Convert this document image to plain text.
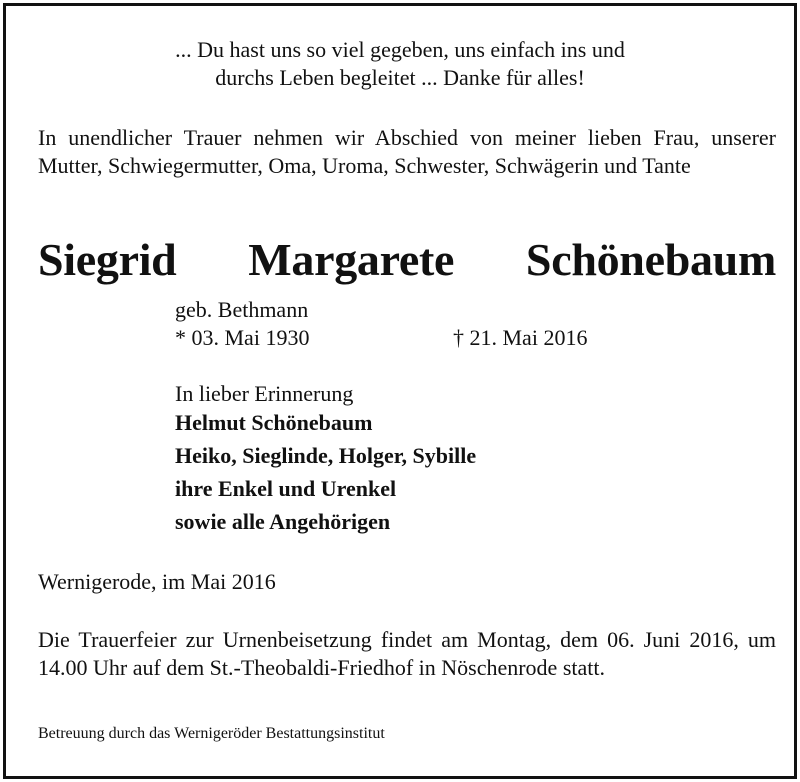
... Du hast uns so viel gegeben, uns einfach ins und
durchs Leben begleitet ... Danke für alles!
In unendlicher Trauer nehmen wir Abschied von meiner lieben Frau, unserer Mutter, Schwiegermutter, Oma, Uroma, Schwester, Schwägerin und Tante
Siegrid Margarete Schönebaum
geb. Bethmann
* 03. Mai 1930	† 21. Mai 2016
In lieber Erinnerung
Helmut Schönebaum
Heiko, Sieglinde, Holger, Sybille
ihre Enkel und Urenkel
sowie alle Angehörigen
Wernigerode, im Mai 2016
Die Trauerfeier zur Urnenbeisetzung findet am Montag, dem 06. Juni 2016, um 14.00 Uhr auf dem St.-Theobaldi-Friedhof in Nöschenrode statt.
Betreuung durch das Wernigeröder Bestattungsinstitut
